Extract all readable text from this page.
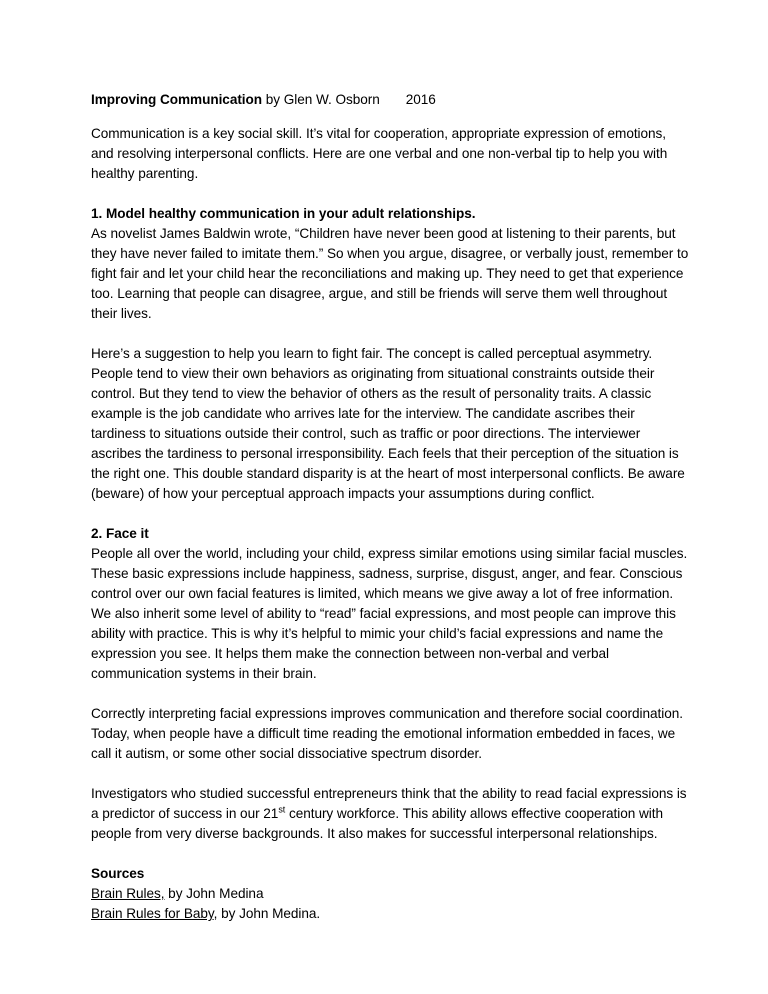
Improving Communication by Glen W. Osborn 2016

Communication is a key social skill. It’s vital for cooperation, appropriate expression of emotions, and resolving interpersonal conflicts. Here are one verbal and one non-verbal tip to help you with healthy parenting.

1. Model healthy communication in your adult relationships.

As novelist James Baldwin wrote, “Children have never been good at listening to their parents, but they have never failed to imitate them.” So when you argue, disagree, or verbally joust, remember to fight fair and let your child hear the reconciliations and making up. They need to get that experience too. Learning that people can disagree, argue, and still be friends will serve them well throughout their lives.

Here’s a suggestion to help you learn to fight fair. The concept is called perceptual asymmetry. People tend to view their own behaviors as originating from situational constraints outside their control. But they tend to view the behavior of others as the result of personality traits. A classic example is the job candidate who arrives late for the interview. The candidate ascribes their tardiness to situations outside their control, such as traffic or poor directions. The interviewer ascribes the tardiness to personal irresponsibility. Each feels that their perception of the situation is the right one. This double standard disparity is at the heart of most interpersonal conflicts. Be aware (beware) of how your perceptual approach impacts your assumptions during conflict.

2. Face it

People all over the world, including your child, express similar emotions using similar facial muscles. These basic expressions include happiness, sadness, surprise, disgust, anger, and fear. Conscious control over our own facial features is limited, which means we give away a lot of free information. We also inherit some level of ability to “read” facial expressions, and most people can improve this ability with practice. This is why it’s helpful to mimic your child’s facial expressions and name the expression you see. It helps them make the connection between non-verbal and verbal communication systems in their brain.

Correctly interpreting facial expressions improves communication and therefore social coordination. Today, when people have a difficult time reading the emotional information embedded in faces, we call it autism, or some other social dissociative spectrum disorder.

Investigators who studied successful entrepreneurs think that the ability to read facial expressions is a predictor of success in our 21st century workforce. This ability allows effective cooperation with people from very diverse backgrounds. It also makes for successful interpersonal relationships.

Sources
Brain Rules, by John Medina
Brain Rules for Baby, by John Medina.
